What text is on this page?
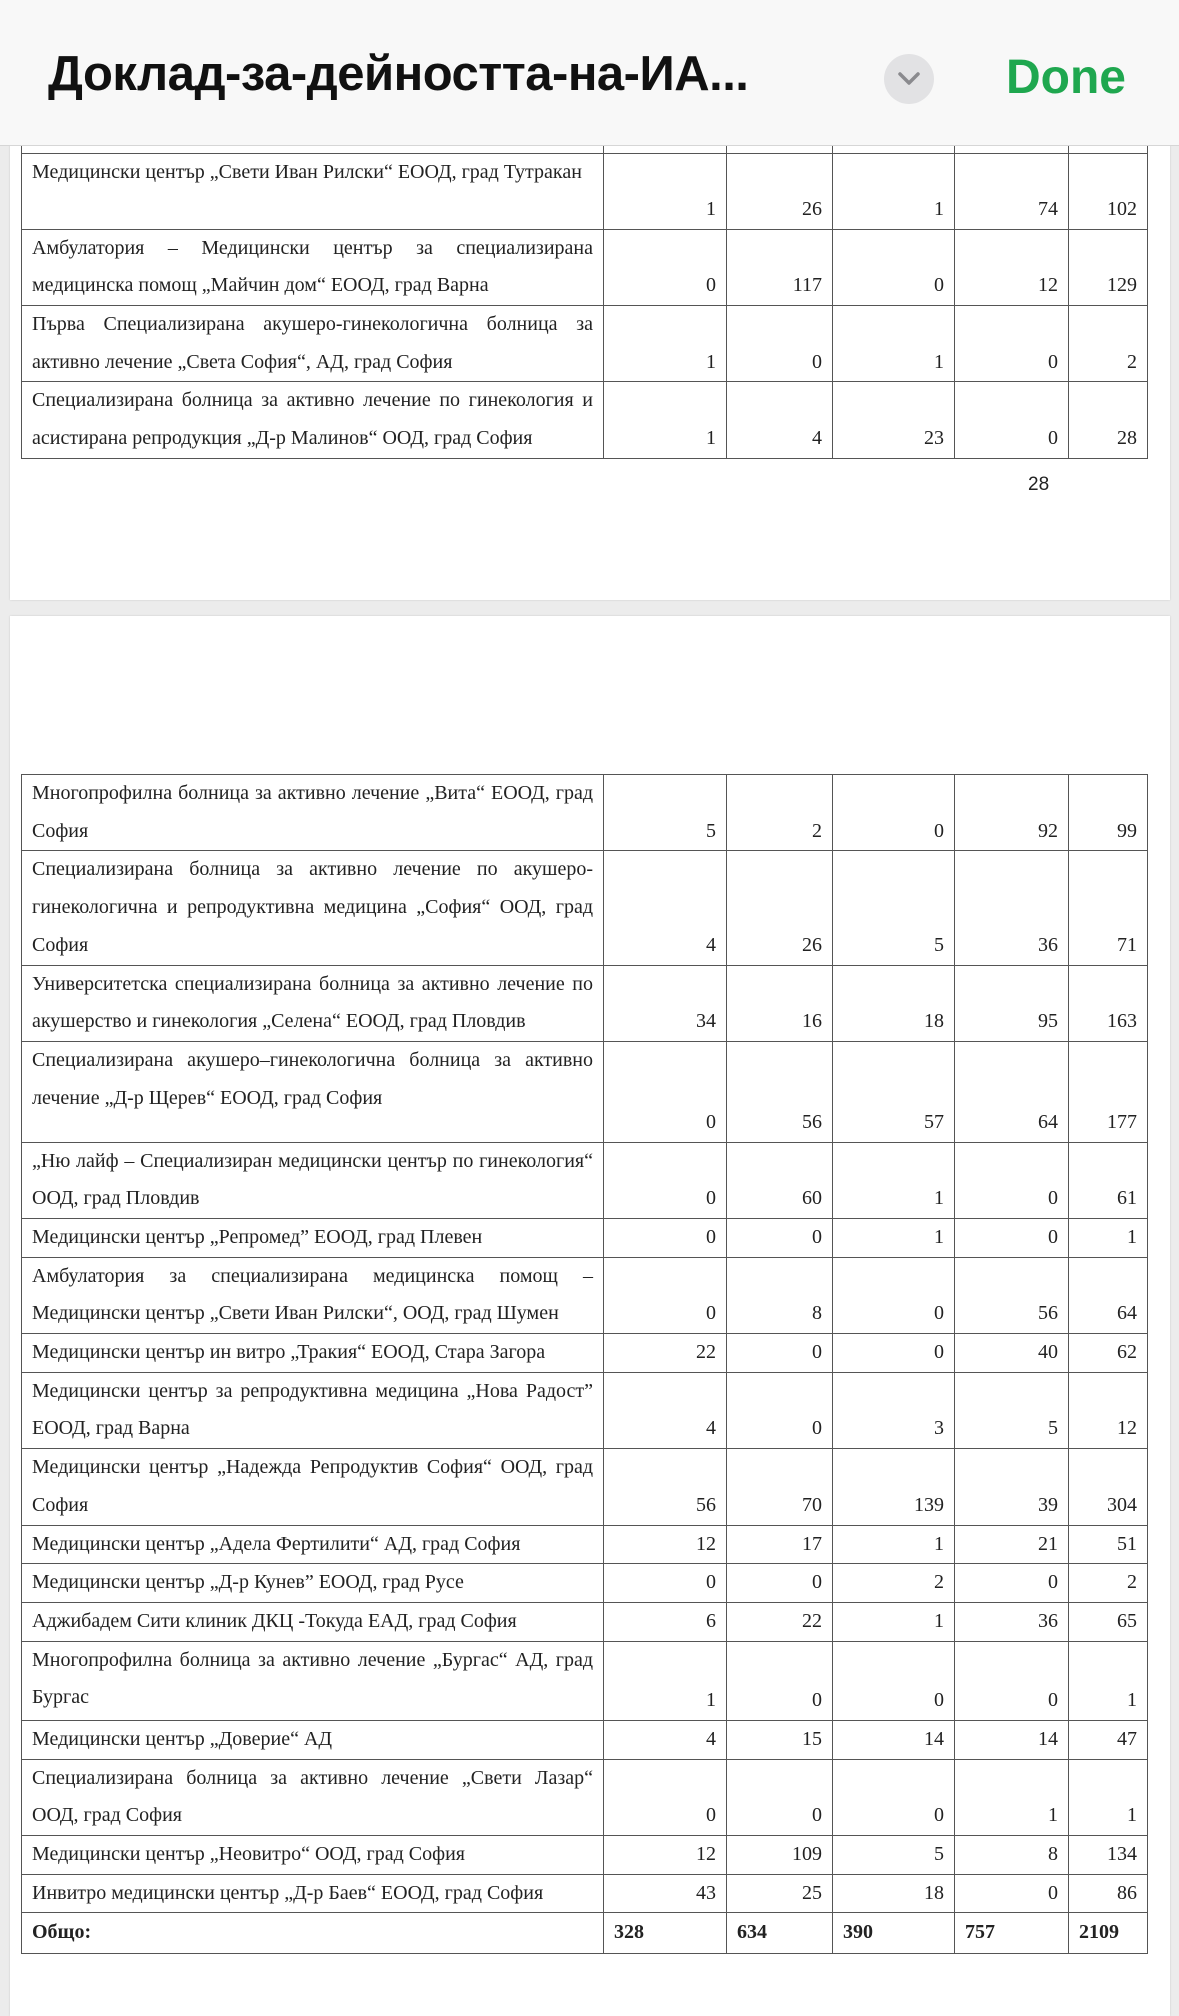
Доклад-за-дейността-на-ИА...	Done

Медицински център „Свети Иван Рилски“ ЕООД, град Тутракан	1	26	1	74	102
Амбулатория – Медицински център за специализирана медицинска помощ „Майчин дом“ ЕООД, град Варна	0	117	0	12	129
Първа Специализирана акушеро-гинекологична болница за активно лечение „Света София“, АД, град София	1	0	1	0	2
Специализирана болница за активно лечение по гинекология и асистирана репродукция „Д-р Малинов“ ООД, град София	1	4	23	0	28
28
Многопрофилна болница за активно лечение „Вита“ ЕООД, град София	5	2	0	92	99
Специализирана болница за активно лечение по акушеро-гинекологична и репродуктивна медицина „София“ ООД, град София	4	26	5	36	71
Университетска специализирана болница за активно лечение по акушерство и гинекология „Селена“ ЕООД, град Пловдив	34	16	18	95	163
Специализирана акушеро–гинекологична болница за активно лечение „Д-р Щерев“ ЕООД, град София	0	56	57	64	177
„Ню лайф – Специализиран медицински център по гинекология“ ООД, град Пловдив	0	60	1	0	61
Медицински център „Репромед” ЕООД, град Плевен	0	0	1	0	1
Амбулатория за специализирана медицинска помощ – Медицински център „Свети Иван Рилски“, ООД, град Шумен	0	8	0	56	64
Медицински център ин витро „Тракия“ ЕООД, Стара Загора	22	0	0	40	62
Медицински център за репродуктивна медицина „Нова Радост” ЕООД, град Варна	4	0	3	5	12
Медицински център „Надежда Репродуктив София“ ООД, град София	56	70	139	39	304
Медицински център „Адела Фертилити“ АД, град София	12	17	1	21	51
Медицински център „Д-р Кунев” ЕООД, град Русе	0	0	2	0	2
Аджибадем Сити клиник ДКЦ -Токуда ЕАД, град София	6	22	1	36	65
Многопрофилна болница за активно лечение „Бургас“ АД, град Бургас	1	0	0	0	1
Медицински център „Доверие“ АД	4	15	14	14	47
Специализирана болница за активно лечение „Свети Лазар“ ООД, град София	0	0	0	1	1
Медицински център „Неовитро“ ООД, град София	12	109	5	8	134
Инвитро медицински център „Д-р Баев“ ЕООД, град София	43	25	18	0	86
Общо:	328	634	390	757	2109
